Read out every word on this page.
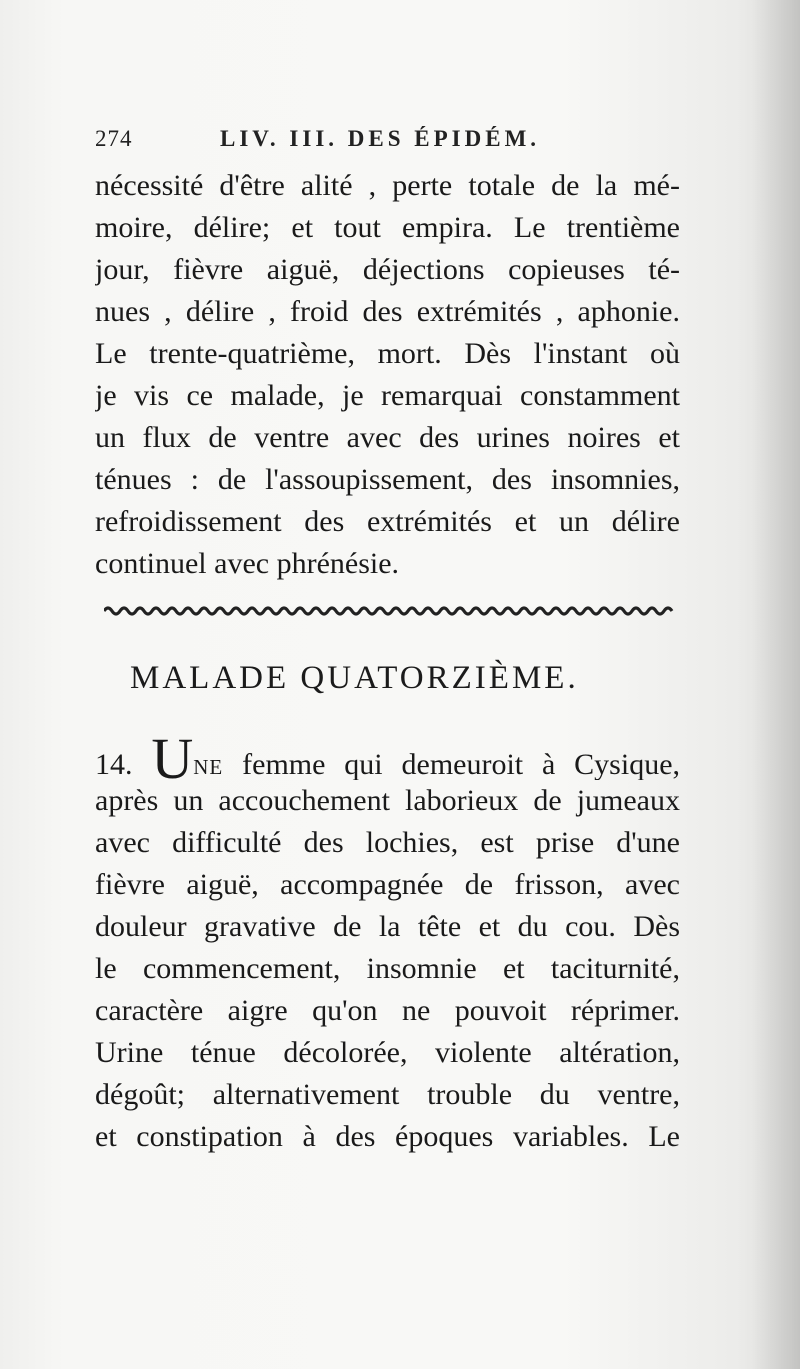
274	LIV. III. DES ÉPIDÉM.
nécessité d'être alité , perte totale de la mé-
moire, délire; et tout empira. Le trentième
jour, fièvre aiguë, déjections copieuses té-
nues , délire , froid des extrémités , aphonie.
Le trente-quatrième, mort. Dès l'instant où
je vis ce malade, je remarquai constamment
un flux de ventre avec des urines noires et
ténues : de l'assoupissement, des insomnies,
refroidissement des extrémités et un délire
continuel avec phrénésie.
MALADE QUATORZIÈME.
14. UNE femme qui demeuroit à Cysique,
après un accouchement laborieux de jumeaux
avec difficulté des lochies, est prise d'une
fièvre aiguë, accompagnée de frisson, avec
douleur gravative de la tête et du cou. Dès
le commencement, insomnie et taciturnité,
caractère aigre qu'on ne pouvoit réprimer.
Urine ténue décolorée, violente altération,
dégoût; alternativement trouble du ventre,
et constipation à des époques variables. Le
